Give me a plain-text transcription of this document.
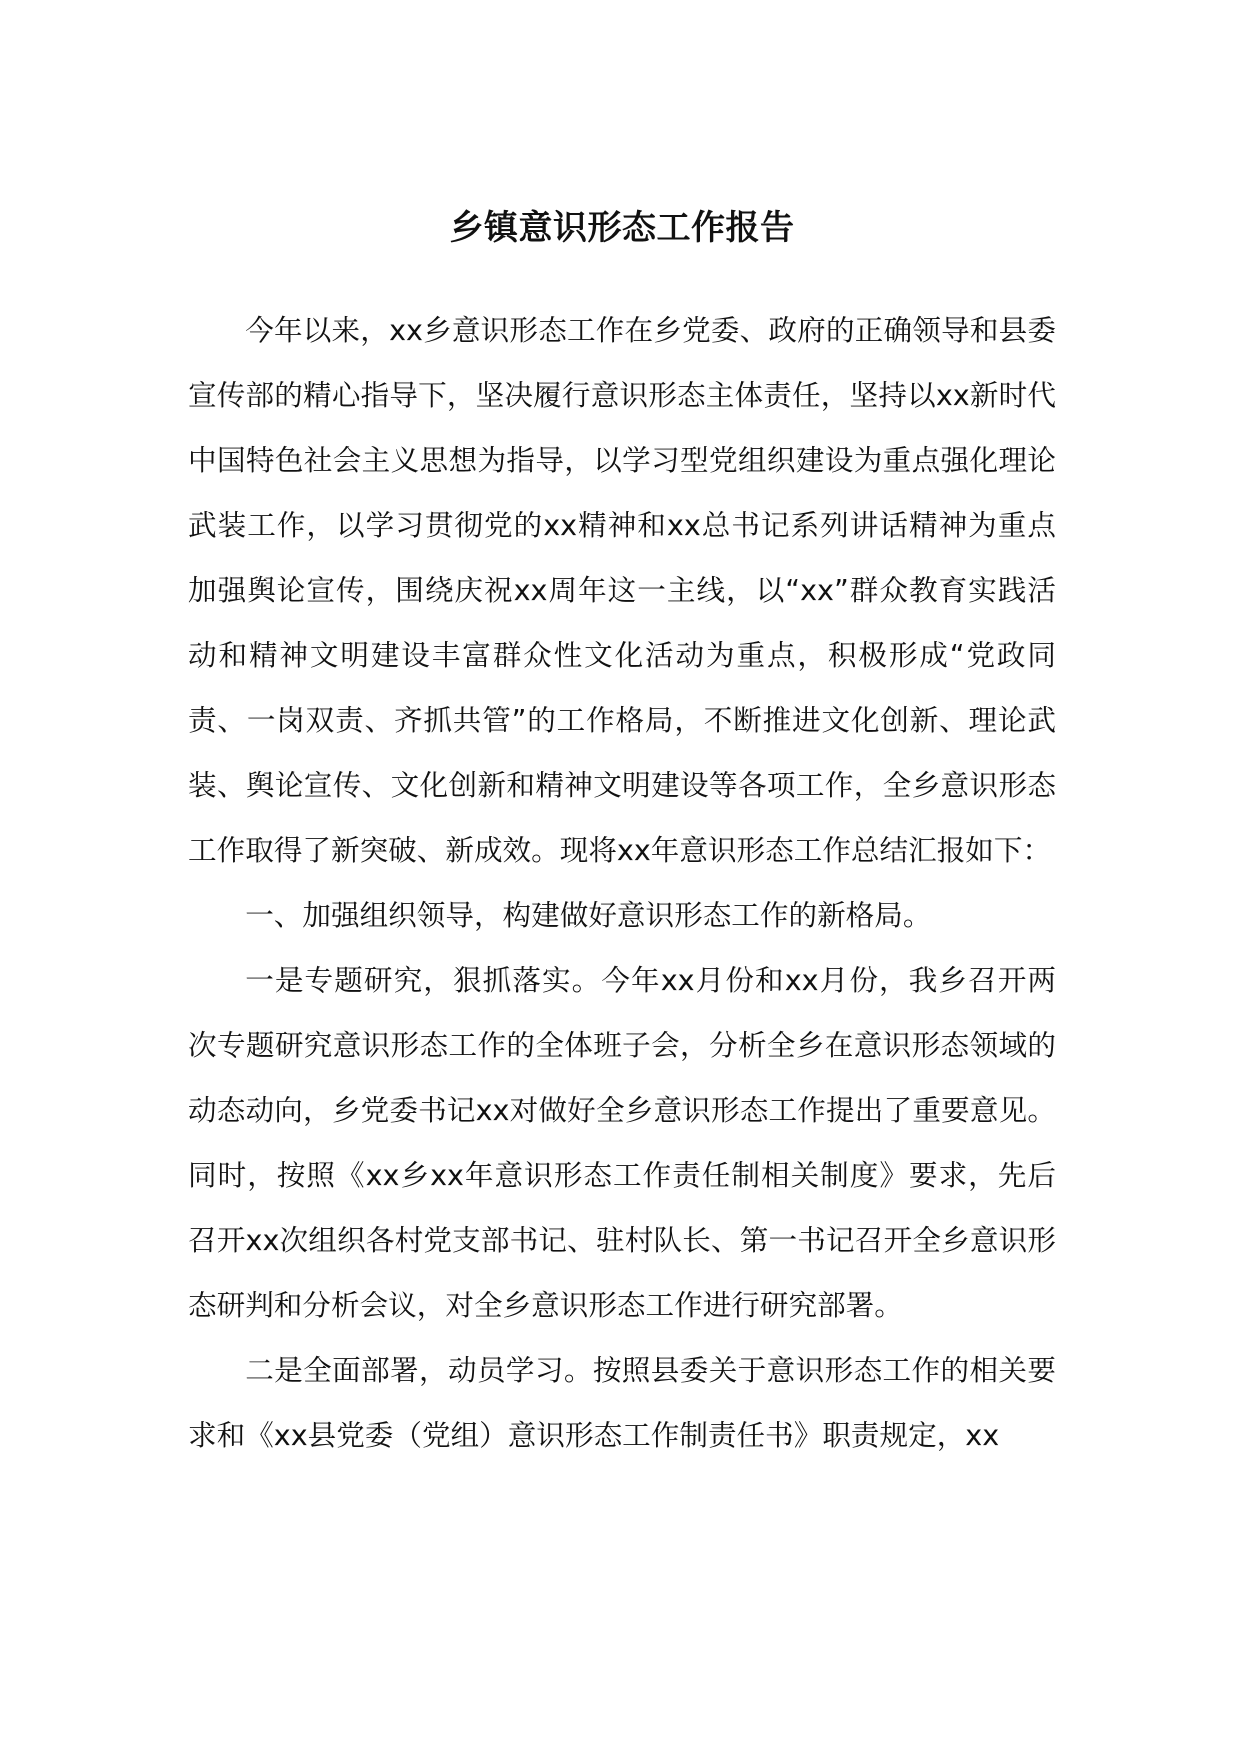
乡镇意识形态工作报告

今年以来，xx乡意识形态工作在乡党委、政府的正确领导和县委宣传部的精心指导下，坚决履行意识形态主体责任，坚持以xx新时代中国特色社会主义思想为指导，以学习型党组织建设为重点强化理论武装工作，以学习贯彻党的xx精神和xx总书记系列讲话精神为重点加强舆论宣传，围绕庆祝xx周年这一主线，以“xx”群众教育实践活动和精神文明建设丰富群众性文化活动为重点，积极形成“党政同责、一岗双责、齐抓共管”的工作格局，不断推进文化创新、理论武装、舆论宣传、文化创新和精神文明建设等各项工作，全乡意识形态工作取得了新突破、新成效。现将xx年意识形态工作总结汇报如下：

一、加强组织领导，构建做好意识形态工作的新格局。

一是专题研究，狠抓落实。今年xx月份和xx月份，我乡召开两次专题研究意识形态工作的全体班子会，分析全乡在意识形态领域的动态动向，乡党委书记xx对做好全乡意识形态工作提出了重要意见。同时，按照《xx乡xx年意识形态工作责任制相关制度》要求，先后召开xx次组织各村党支部书记、驻村队长、第一书记召开全乡意识形态研判和分析会议，对全乡意识形态工作进行研究部署。

二是全面部署，动员学习。按照县委关于意识形态工作的相关要求和《xx县党委（党组）意识形态工作制责任书》职责规定，xx
